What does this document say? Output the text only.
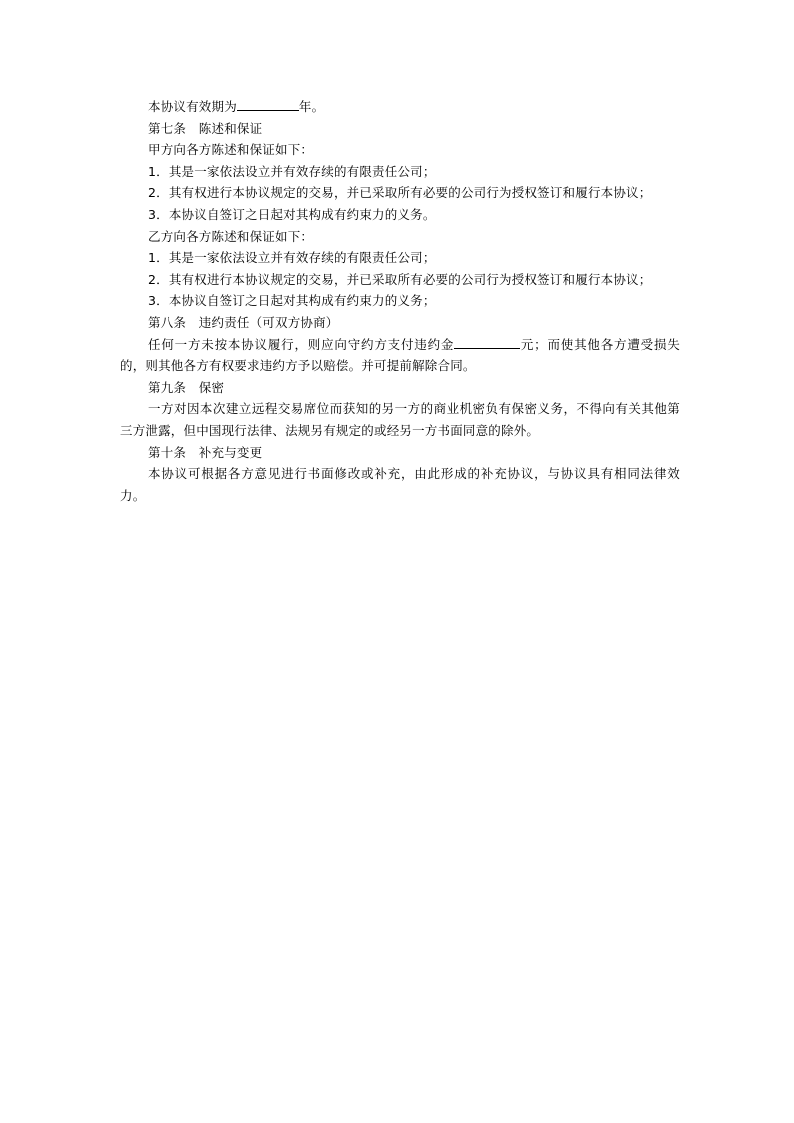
本协议有效期为	年。
第七条　陈述和保证
甲方向各方陈述和保证如下：
1．其是一家依法设立并有效存续的有限责任公司；
2．其有权进行本协议规定的交易，并已采取所有必要的公司行为授权签订和履行本协议；
3．本协议自签订之日起对其构成有约束力的义务。
乙方向各方陈述和保证如下：
1．其是一家依法设立并有效存续的有限责任公司；
2．其有权进行本协议规定的交易，并已采取所有必要的公司行为授权签订和履行本协议；
3．本协议自签订之日起对其构成有约束力的义务；
第八条　违约责任（可双方协商）
任何一方未按本协议履行，则应向守约方支付违约金	元；而使其他各方遭受损失的，则其他各方有权要求违约方予以赔偿。并可提前解除合同。
第九条　保密
一方对因本次建立远程交易席位而获知的另一方的商业机密负有保密义务，不得向有关其他第三方泄露，但中国现行法律、法规另有规定的或经另一方书面同意的除外。
第十条　补充与变更
本协议可根据各方意见进行书面修改或补充，由此形成的补充协议，与协议具有相同法律效力。
